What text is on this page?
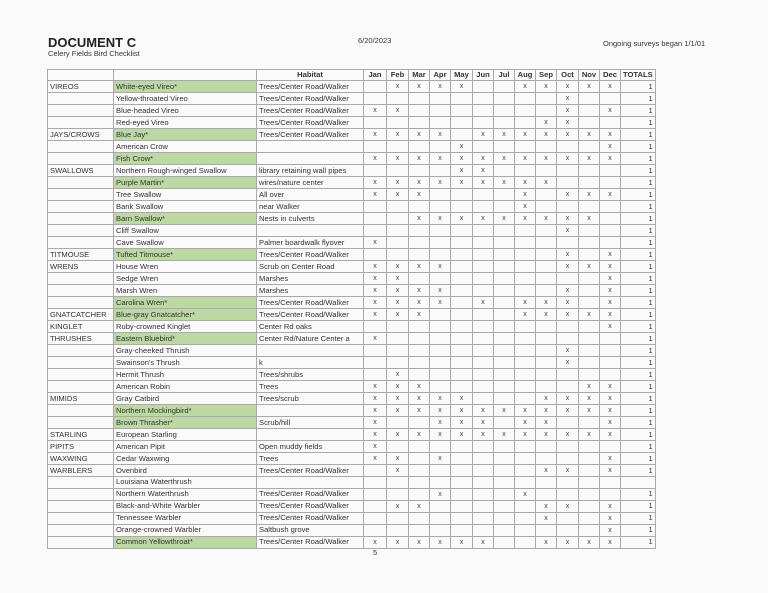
DOCUMENT C
Celery Fields Bird Checklist
6/20/2023	Ongoing surveys began 1/1/01
		Habitat	Jan	Feb	Mar	Apr	May	Jun	Jul	Aug	Sep	Oct	Nov	Dec	TOTALS
VIREOS	White-eyed Vireo*	Trees/Center Road/Walker		x	x	x	x			x	x	x	x	x	1
	Yellow-throated Vireo	Trees/Center Road/Walker										x			1
	Blue-headed Vireo	Trees/Center Road/Walker	x	x								x		x	1
	Red-eyed Vireo	Trees/Center Road/Walker									x	x			1
JAYS/CROWS	Blue Jay*	Trees/Center Road/Walker	x	x	x	x		x	x	x	x	x	x	x	1
	American Crow						x							x	1
	Fish Crow*		x	x	x	x	x	x	x	x	x	x	x	x	1
SWALLOWS	Northern Rough-winged Swallow	library retaining wall pipes					x	x							1
	Purple Martin*	wires/nature center	x	x	x	x	x	x	x	x	x				1
	Tree Swallow	All over	x	x	x					x		x	x	x	1
	Bank Swallow	near Walker								x					1
	Barn Swallow*	Nests in culverts			x	x	x	x	x	x	x	x	x		1
	Cliff Swallow											x			1
	Cave Swallow	Palmer boardwalk flyover	x												1
TITMOUSE	Tufted Titmouse*	Trees/Center Road/Walker										x		x	1
WRENS	House Wren	Scrub on Center Road	x	x	x	x						x	x	x	1
	Sedge Wren	Marshes	x	x										x	1
	Marsh Wren	Marshes	x	x	x	x						x		x	1
	Carolina Wren*	Trees/Center Road/Walker	x	x	x	x		x		x	x	x		x	1
GNATCATCHER	Blue-gray Gnatcatcher*	Trees/Center Road/Walker	x	x	x					x	x	x	x	x	1
KINGLET	Ruby-crowned Kinglet	Center Rd oaks												x	1
THRUSHES	Eastern Bluebird*	Center Rd/Nature Center a	x												1
	Gray-cheeked Thrush											x			1
	Swainson's Thrush	k										x			1
	Hermit Thrush	Trees/shrubs		x											1
	American Robin	Trees	x	x	x								x	x	1
MIMIDS	Gray Catbird	Trees/scrub	x	x	x	x	x				x	x	x	x	1
	Northern Mockingbird*		x	x	x	x	x	x	x	x	x	x	x	x	1
	Brown Thrasher*	Scrub/hill	x			x	x	x		x	x			x	1
STARLING	European Starling		x	x	x	x	x	x	x	x	x	x	x	x	1
PIPITS	American Pipit	Open muddy fields	x												1
WAXWING	Cedar Waxwing	Trees	x	x		x								x	1
WARBLERS	Ovenbird	Trees/Center Road/Walker		x							x	x		x	1
	Louisiana Waterthrush														
	Northern Waterthrush	Trees/Center Road/Walker				x				x					1
	Black-and-White Warbler	Trees/Center Road/Walker		x	x						x	x		x	1
	Tennessee Warbler	Trees/Center Road/Walker									x			x	1
	Orange-crowned Warbler	Saltbush grove												x	1
	Common Yellowthroat*	Trees/Center Road/Walker	x	x	x	x	x	x			x	x	x	x	1
5
